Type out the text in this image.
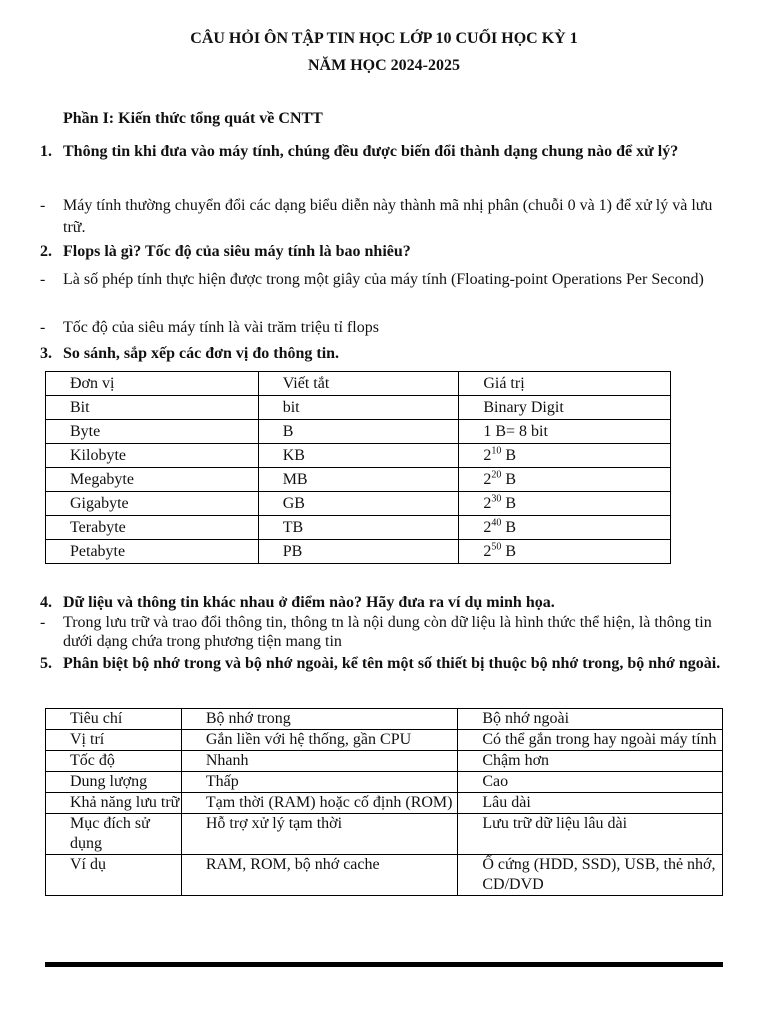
CÂU HỎI ÔN TẬP TIN HỌC LỚP 10 CUỐI HỌC KỲ 1
NĂM HỌC 2024-2025
Phần I: Kiến thức tổng quát về CNTT
1. Thông tin khi đưa vào máy tính, chúng đều được biến đổi thành dạng chung nào để xử lý?
- Máy tính thường chuyển đổi các dạng biểu diễn này thành mã nhị phân (chuỗi 0 và 1) để xử lý và lưu trữ.
2. Flops là gì? Tốc độ của siêu máy tính là bao nhiêu?
- Là số phép tính thực hiện được trong một giây của máy tính (Floating-point Operations Per Second)
- Tốc độ của siêu máy tính là vài trăm triệu tỉ flops
3. So sánh, sắp xếp các đơn vị đo thông tin.
Đơn vị	Viết tắt	Giá trị
Bit	bit	Binary Digit
Byte	B	1 B= 8 bit
Kilobyte	KB	$2^{10}$ B
Megabyte	MB	$2^{20}$ B
Gigabyte	GB	$2^{30}$ B
Terabyte	TB	$2^{40}$ B
Petabyte	PB	$2^{50}$ B
4. Dữ liệu và thông tin khác nhau ở điểm nào? Hãy đưa ra ví dụ minh họa.
- Trong lưu trữ và trao đổi thông tin, thông tn là nội dung còn dữ liệu là hình thức thể hiện, là thông tin dưới dạng chứa trong phương tiện mang tin
5. Phân biệt bộ nhớ trong và bộ nhớ ngoài, kể tên một số thiết bị thuộc bộ nhớ trong, bộ nhớ ngoài.
Tiêu chí	Bộ nhớ trong	Bộ nhớ ngoài
Vị trí	Gắn liền với hệ thống, gần CPU	Có thể gắn trong hay ngoài máy tính
Tốc độ	Nhanh	Chậm hơn
Dung lượng	Thấp	Cao
Khả năng lưu trữ	Tạm thời (RAM) hoặc cố định (ROM)	Lâu dài
Mục đích sử dụng	Hỗ trợ xử lý tạm thời	Lưu trữ dữ liệu lâu dài
Ví dụ	RAM, ROM, bộ nhớ cache	Ổ cứng (HDD, SSD), USB, thẻ nhớ, CD/DVD
